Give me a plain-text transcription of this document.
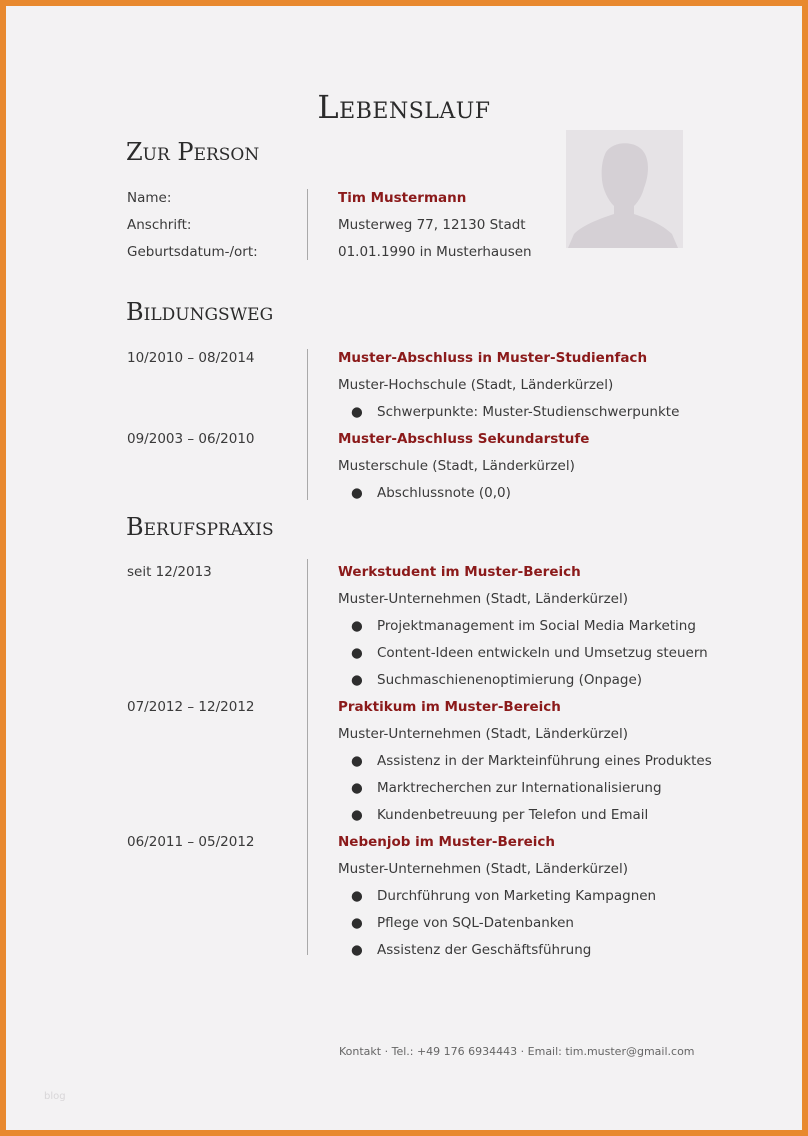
Lebenslauf
Zur Person
Name:	Tim Mustermann
Anschrift:	Musterweg 77, 12130 Stadt
Geburtsdatum-/ort:	01.01.1990 in Musterhausen
Bildungsweg
10/2010 – 08/2014	Muster-Abschluss in Muster-Studienfach
Muster-Hochschule (Stadt, Länderkürzel)
● Schwerpunkte: Muster-Studienschwerpunkte
09/2003 – 06/2010	Muster-Abschluss Sekundarstufe
Musterschule (Stadt, Länderkürzel)
● Abschlussnote (0,0)
Berufspraxis
seit 12/2013	Werkstudent im Muster-Bereich
Muster-Unternehmen (Stadt, Länderkürzel)
● Projektmanagement im Social Media Marketing
● Content-Ideen entwickeln und Umsetzug steuern
● Suchmaschienenoptimierung (Onpage)
07/2012 – 12/2012	Praktikum im Muster-Bereich
Muster-Unternehmen (Stadt, Länderkürzel)
● Assistenz in der Markteinführung eines Produktes
● Marktrecherchen zur Internationalisierung
● Kundenbetreuung per Telefon und Email
06/2011 – 05/2012	Nebenjob im Muster-Bereich
Muster-Unternehmen (Stadt, Länderkürzel)
● Durchführung von Marketing Kampagnen
● Pflege von SQL-Datenbanken
● Assistenz der Geschäftsführung
Kontakt · Tel.: +49 176 6934443 · Email: tim.muster@gmail.com
blog
